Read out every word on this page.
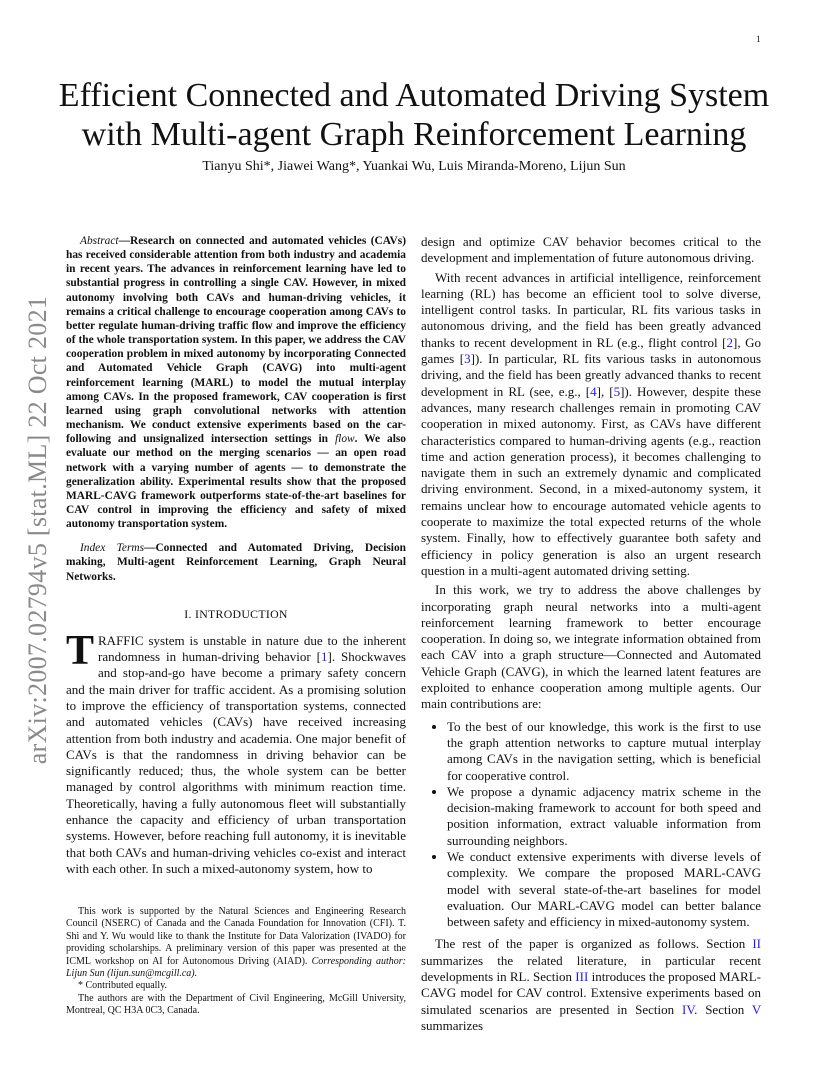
1
arXiv:2007.02794v5 [stat.ML] 22 Oct 2021
Efficient Connected and Automated Driving System
with Multi-agent Graph Reinforcement Learning
Tianyu Shi*, Jiawei Wang*, Yuankai Wu, Luis Miranda-Moreno, Lijun Sun

Abstract—Research on connected and automated vehicles (CAVs) has received considerable attention from both industry and academia in recent years. The advances in reinforcement learning have led to substantial progress in controlling a single CAV. However, in mixed autonomy involving both CAVs and human-driving vehicles, it remains a critical challenge to encourage cooperation among CAVs to better regulate human-driving traffic flow and improve the efficiency of the whole transportation system. In this paper, we address the CAV cooperation problem in mixed autonomy by incorporating Connected and Automated Vehicle Graph (CAVG) into multi-agent reinforcement learning (MARL) to model the mutual interplay among CAVs. In the proposed framework, CAV cooperation is first learned using graph convolutional networks with attention mechanism. We conduct extensive experiments based on the car-following and unsignalized intersection settings in flow. We also evaluate our method on the merging scenarios — an open road network with a varying number of agents — to demonstrate the generalization ability. Experimental results show that the proposed MARL-CAVG framework outperforms state-of-the-art baselines for CAV control in improving the efficiency and safety of mixed autonomy transportation system.

Index Terms—Connected and Automated Driving, Decision making, Multi-agent Reinforcement Learning, Graph Neural Networks.

I. INTRODUCTION

TRAFFIC system is unstable in nature due to the inherent randomness in human-driving behavior [1]. Shockwaves and stop-and-go have become a primary safety concern and the main driver for traffic accident. As a promising solution to improve the efficiency of transportation systems, connected and automated vehicles (CAVs) have received increasing attention from both industry and academia. One major benefit of CAVs is that the randomness in driving behavior can be significantly reduced; thus, the whole system can be better managed by control algorithms with minimum reaction time. Theoretically, having a fully autonomous fleet will substantially enhance the capacity and efficiency of urban transportation systems. However, before reaching full autonomy, it is inevitable that both CAVs and human-driving vehicles co-exist and interact with each other. In such a mixed-autonomy system, how to

design and optimize CAV behavior becomes critical to the development and implementation of future autonomous driving.

With recent advances in artificial intelligence, reinforcement learning (RL) has become an efficient tool to solve diverse, intelligent control tasks. In particular, RL fits various tasks in autonomous driving, and the field has been greatly advanced thanks to recent development in RL (e.g., flight control [2], Go games [3]). In particular, RL fits various tasks in autonomous driving, and the field has been greatly advanced thanks to recent development in RL (see, e.g., [4], [5]). However, despite these advances, many research challenges remain in promoting CAV cooperation in mixed autonomy. First, as CAVs have different characteristics compared to human-driving agents (e.g., reaction time and action generation process), it becomes challenging to navigate them in such an extremely dynamic and complicated driving environment. Second, in a mixed-autonomy system, it remains unclear how to encourage automated vehicle agents to cooperate to maximize the total expected returns of the whole system. Finally, how to effectively guarantee both safety and efficiency in policy generation is also an urgent research question in a multi-agent automated driving setting.

In this work, we try to address the above challenges by incorporating graph neural networks into a multi-agent reinforcement learning framework to better encourage cooperation. In doing so, we integrate information obtained from each CAV into a graph structure—Connected and Automated Vehicle Graph (CAVG), in which the learned latent features are exploited to enhance cooperation among multiple agents. Our main contributions are:

• To the best of our knowledge, this work is the first to use the graph attention networks to capture mutual interplay among CAVs in the navigation setting, which is beneficial for cooperative control.
• We propose a dynamic adjacency matrix scheme in the decision-making framework to account for both speed and position information, extract valuable information from surrounding neighbors.
• We conduct extensive experiments with diverse levels of complexity. We compare the proposed MARL-CAVG model with several state-of-the-art baselines for model evaluation. Our MARL-CAVG model can better balance between safety and efficiency in mixed-autonomy system.

The rest of the paper is organized as follows. Section II summarizes the related literature, in particular recent developments in RL. Section III introduces the proposed MARL-CAVG model for CAV control. Extensive experiments based on simulated scenarios are presented in Section IV. Section V summarizes

This work is supported by the Natural Sciences and Engineering Research Council (NSERC) of Canada and the Canada Foundation for Innovation (CFI). T. Shi and Y. Wu would like to thank the Institute for Data Valorization (IVADO) for providing scholarships. A preliminary version of this paper was presented at the ICML workshop on AI for Autonomous Driving (AIAD). Corresponding author: Lijun Sun (lijun.sun@mcgill.ca).

* Contributed equally.

The authors are with the Department of Civil Engineering, McGill University, Montreal, QC H3A 0C3, Canada.
